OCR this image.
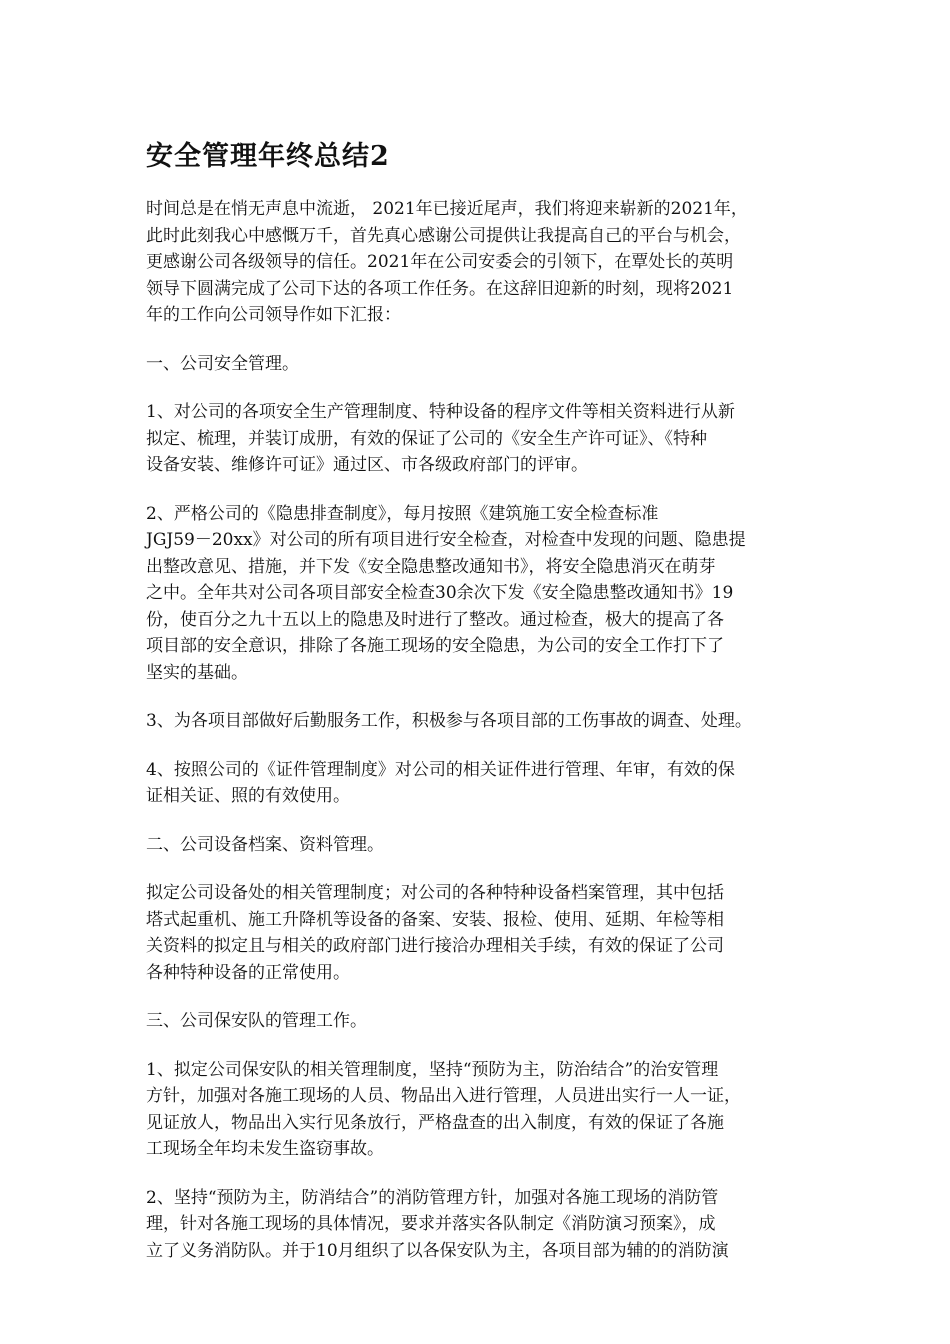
安全管理年终总结2

时间总是在悄无声息中流逝， 2021年已接近尾声，我们将迎来崭新的2021年，
此时此刻我心中感慨万千，首先真心感谢公司提供让我提高自己的平台与机会，
更感谢公司各级领导的信任。2021年在公司安委会的引领下，在覃处长的英明
领导下圆满完成了公司下达的各项工作任务。在这辞旧迎新的时刻，现将2021
年的工作向公司领导作如下汇报：

一、公司安全管理。

1、对公司的各项安全生产管理制度、特种设备的程序文件等相关资料进行从新
拟定、梳理，并装订成册，有效的保证了公司的《安全生产许可证》、《特种
设备安装、维修许可证》通过区、市各级政府部门的评审。

2、严格公司的《隐患排查制度》，每月按照《建筑施工安全检查标准
JGJ59－20xx》对公司的所有项目进行安全检查，对检查中发现的问题、隐患提
出整改意见、措施，并下发《安全隐患整改通知书》，将安全隐患消灭在萌芽
之中。全年共对公司各项目部安全检查30余次下发《安全隐患整改通知书》19
份，使百分之九十五以上的隐患及时进行了整改。通过检查，极大的提高了各
项目部的安全意识，排除了各施工现场的安全隐患，为公司的安全工作打下了
坚实的基础。

3、为各项目部做好后勤服务工作，积极参与各项目部的工伤事故的调查、处理。

4、按照公司的《证件管理制度》对公司的相关证件进行管理、年审，有效的保
证相关证、照的有效使用。

二、公司设备档案、资料管理。

拟定公司设备处的相关管理制度；对公司的各种特种设备档案管理，其中包括
塔式起重机、施工升降机等设备的备案、安装、报检、使用、延期、年检等相
关资料的拟定且与相关的政府部门进行接洽办理相关手续，有效的保证了公司
各种特种设备的正常使用。

三、公司保安队的管理工作。

1、拟定公司保安队的相关管理制度，坚持“预防为主，防治结合”的治安管理
方针，加强对各施工现场的人员、物品出入进行管理，人员进出实行一人一证，
见证放人，物品出入实行见条放行，严格盘查的出入制度，有效的保证了各施
工现场全年均未发生盗窃事故。

2、坚持“预防为主，防消结合”的消防管理方针，加强对各施工现场的消防管
理，针对各施工现场的具体情况，要求并落实各队制定《消防演习预案》，成
立了义务消防队。并于10月组织了以各保安队为主，各项目部为辅的的消防演
